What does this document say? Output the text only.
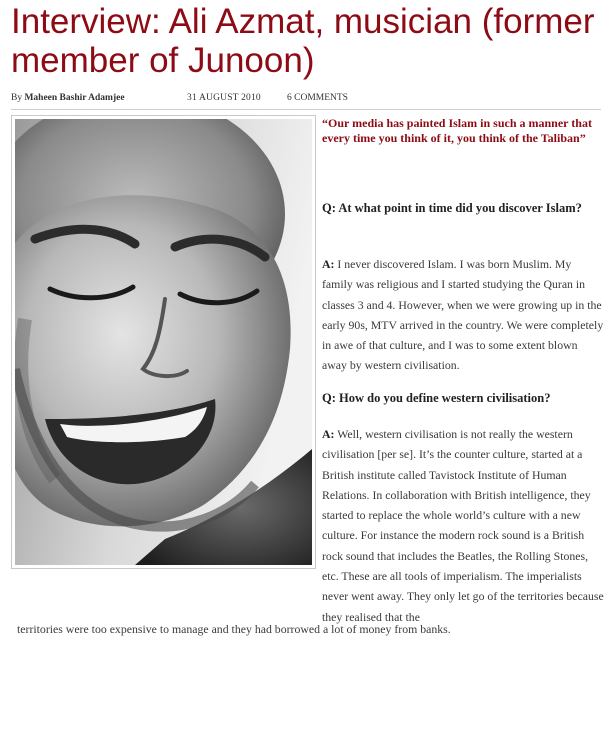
Interview: Ali Azmat, musician (former member of Junoon)
By Maheen Bashir Adamjee	31 AUGUST 2010	6 COMMENTS

“Our media has painted Islam in such a manner that every time you think of it, you think of the Taliban”

Q: At what point in time did you discover Islam?

A: I never discovered Islam. I was born Muslim. My family was religious and I started studying the Quran in classes 3 and 4. However, when we were growing up in the early 90s, MTV arrived in the country. We were completely in awe of that culture, and I was to some extent blown away by western civilisation.

Q: How do you define western civilisation?

A: Well, western civilisation is not really the western civilisation [per se]. It’s the counter culture, started at a British institute called Tavistock Institute of Human Relations. In collaboration with British intelligence, they started to replace the whole world’s culture with a new culture. For instance the modern rock sound is a British rock sound that includes the Beatles, the Rolling Stones, etc. These are all tools of imperialism. The imperialists never went away. They only let go of the territories because they realised that the

territories were too expensive to manage and they had borrowed a lot of money from banks.
